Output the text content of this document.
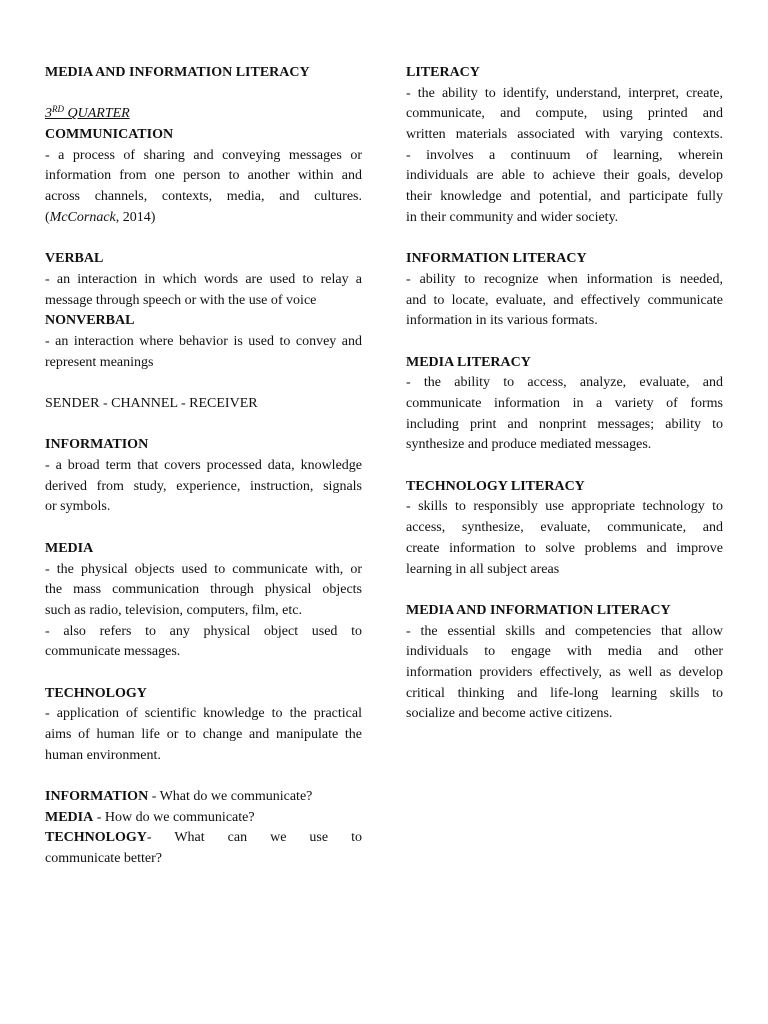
MEDIA AND INFORMATION LITERACY
3RD QUARTER
COMMUNICATION
- a process of sharing and conveying messages or
information from one person to another within and
across channels, contexts, media, and cultures.
(McCornack, 2014)
VERBAL
- an interaction in which words are used to relay a
message through speech or with the use of voice
NONVERBAL
- an interaction where behavior is used to convey and
represent meanings
SENDER - CHANNEL - RECEIVER
INFORMATION
- a broad term that covers processed data, knowledge
derived from study, experience, instruction, signals
or symbols.
MEDIA
- the physical objects used to communicate with, or
the mass communication through physical objects
such as radio, television, computers, film, etc.
- also refers to any physical object used to
communicate messages.
TECHNOLOGY
- application of scientific knowledge to the practical
aims of human life or to change and manipulate the
human environment.
INFORMATION - What do we communicate?
MEDIA - How do we communicate?
TECHNOLOGY - What can we use to
communicate better?
LITERACY
- the ability to identify, understand, interpret, create,
communicate, and compute, using printed and
written materials associated with varying contexts.
- involves a continuum of learning, wherein
individuals are able to achieve their goals, develop
their knowledge and potential, and participate fully
in their community and wider society.
INFORMATION LITERACY
- ability to recognize when information is needed,
and to locate, evaluate, and effectively communicate
information in its various formats.
MEDIA LITERACY
- the ability to access, analyze, evaluate, and
communicate information in a variety of forms
including print and nonprint messages; ability to
synthesize and produce mediated messages.
TECHNOLOGY LITERACY
- skills to responsibly use appropriate technology to
access, synthesize, evaluate, communicate, and
create information to solve problems and improve
learning in all subject areas
MEDIA AND INFORMATION LITERACY
- the essential skills and competencies that allow
individuals to engage with media and other
information providers effectively, as well as develop
critical thinking and life-long learning skills to
socialize and become active citizens.
